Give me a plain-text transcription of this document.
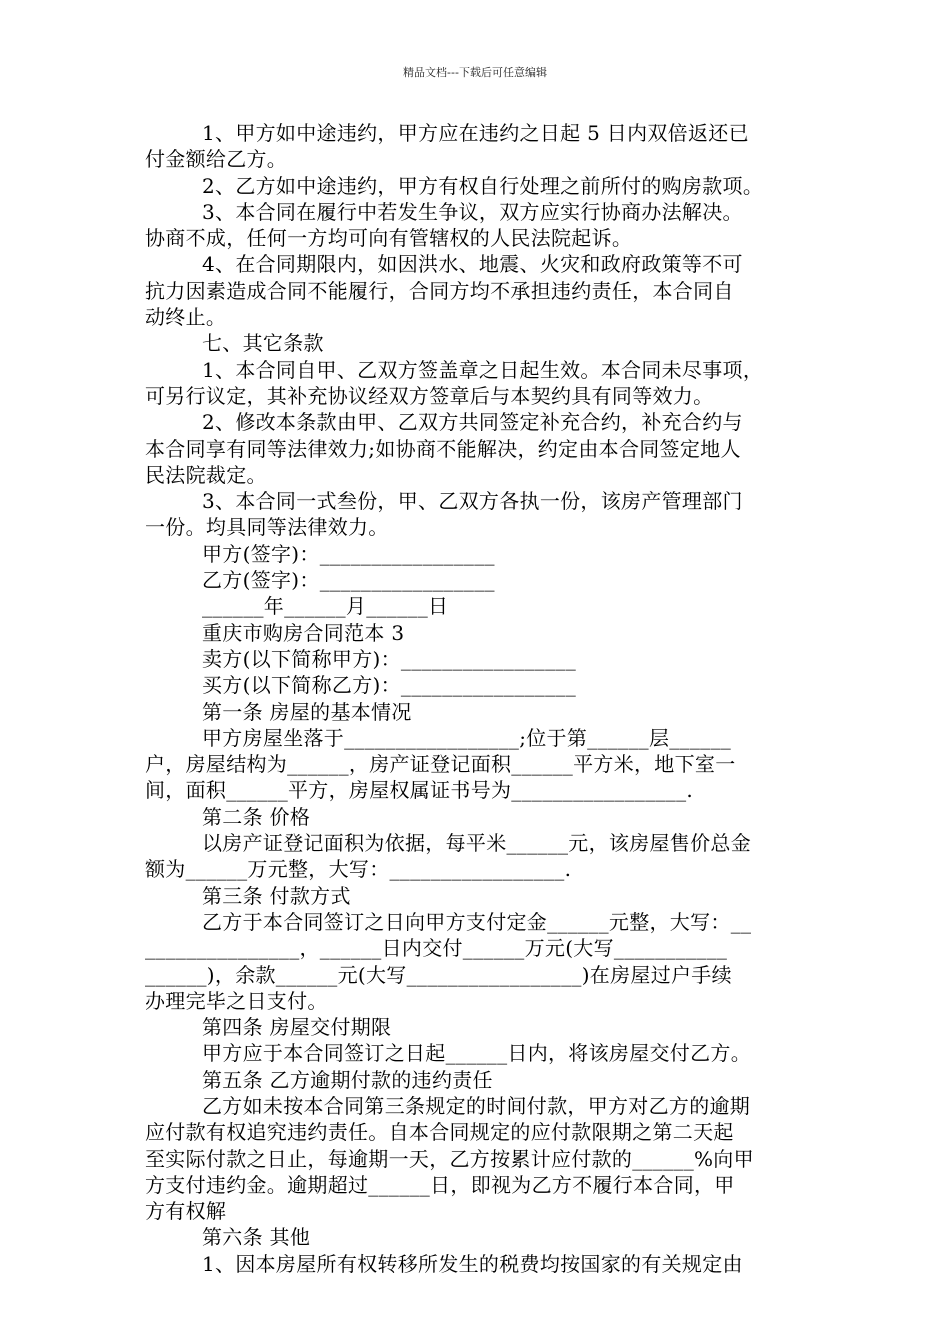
精品文档---下载后可任意编辑
1、甲方如中途违约，甲方应在违约之日起 5 日内双倍返还已
付金额给乙方。
2、乙方如中途违约，甲方有权自行处理之前所付的购房款项。
3、本合同在履行中若发生争议，双方应实行协商办法解决。
协商不成，任何一方均可向有管辖权的人民法院起诉。
4、在合同期限内，如因洪水、地震、火灾和政府政策等不可
抗力因素造成合同不能履行，合同方均不承担违约责任，本合同自
动终止。
七、其它条款
1、本合同自甲、乙双方签盖章之日起生效。本合同未尽事项，
可另行议定，其补充协议经双方签章后与本契约具有同等效力。
2、修改本条款由甲、乙双方共同签定补充合约，补充合约与
本合同享有同等法律效力;如协商不能解决，约定由本合同签定地人
民法院裁定。
3、本合同一式叁份，甲、乙双方各执一份，该房产管理部门
一份。均具同等法律效力。
甲方(签字)：_________________
乙方(签字)：_________________
______年______月______日
重庆市购房合同范本 3
卖方(以下简称甲方)：_________________
买方(以下简称乙方)：_________________
第一条 房屋的基本情况
甲方房屋坐落于_________________;位于第______层______
户，房屋结构为______，房产证登记面积______平方米，地下室一
间，面积______平方，房屋权属证书号为_________________.
第二条 价格
以房产证登记面积为依据，每平米______元，该房屋售价总金
额为______万元整，大写：_________________.
第三条 付款方式
乙方于本合同签订之日向甲方支付定金______元整，大写：__
_______________，______日内交付______万元(大写___________
______)，余款______元(大写_________________)在房屋过户手续
办理完毕之日支付。
第四条 房屋交付期限
甲方应于本合同签订之日起______日内，将该房屋交付乙方。
第五条 乙方逾期付款的违约责任
乙方如未按本合同第三条规定的时间付款，甲方对乙方的逾期
应付款有权追究违约责任。自本合同规定的应付款限期之第二天起
至实际付款之日止，每逾期一天，乙方按累计应付款的______%向甲
方支付违约金。逾期超过______日，即视为乙方不履行本合同，甲
方有权解
第六条 其他
1、因本房屋所有权转移所发生的税费均按国家的有关规定由
